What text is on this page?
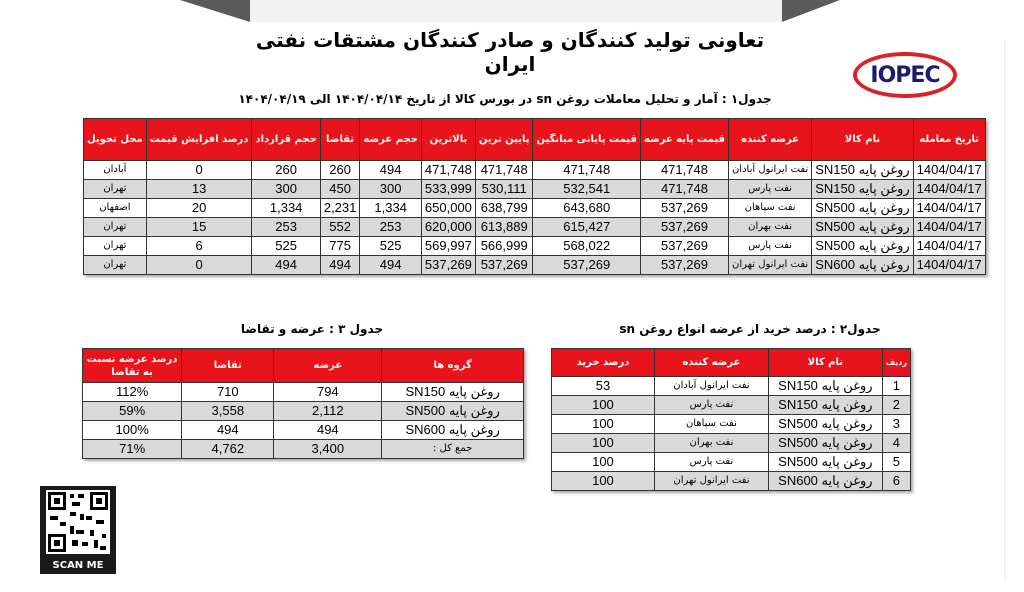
تعاونی تولید کنندگان و صادر کنندگان مشتقات نفتی ایران	IOPEC
جدول۱ : آمار و تحلیل معاملات روغن sn در بورس کالا از تاریخ ۱۴۰۴/۰۴/۱۴ الی ۱۴۰۴/۰۴/۱۹
تاریخ معامله	نام کالا	عرضه کننده	قیمت پایه عرضه	قیمت پایانی میانگین	پایین ترین	بالاترین	حجم عرضه	تقاضا	حجم قرارداد	درصد افزایش قیمت	محل تحویل
1404/04/17	روغن پایه SN150	نفت ایرانول آبادان	471,748	471,748	471,748	471,748	494	260	260	0	آبادان
1404/04/17	روغن پایه SN150	نفت پارس	471,748	532,541	530,111	533,999	300	450	300	13	تهران
1404/04/17	روغن پایه SN500	نفت سپاهان	537,269	643,680	638,799	650,000	1,334	2,231	1,334	20	اصفهان
1404/04/17	روغن پایه SN500	نفت بهران	537,269	615,427	613,889	620,000	253	552	253	15	تهران
1404/04/17	روغن پایه SN500	نفت پارس	537,269	568,022	566,999	569,997	525	775	525	6	تهران
1404/04/17	روغن پایه SN600	نفت ایرانول تهران	537,269	537,269	537,269	537,269	494	494	494	0	تهران
جدول ۳ : عرضه و تقاضا
گروه ها	عرضه	تقاضا	درصد عرضه نسبت به تقاضا
روغن پایه SN150	794	710	112%
روغن پایه SN500	2,112	3,558	59%
روغن پایه SN600	494	494	100%
جمع کل :	3,400	4,762	71%
جدول۲ : درصد خرید از عرضه انواع روغن sn
ردیف	نام کالا	عرضه کننده	درصد خرید
1	روغن پایه SN150	نفت ایرانول آبادان	53
2	روغن پایه SN150	نفت پارس	100
3	روغن پایه SN500	نفت سپاهان	100
4	روغن پایه SN500	نفت بهران	100
5	روغن پایه SN500	نفت پارس	100
6	روغن پایه SN600	نفت ایرانول تهران	100
SCAN ME
